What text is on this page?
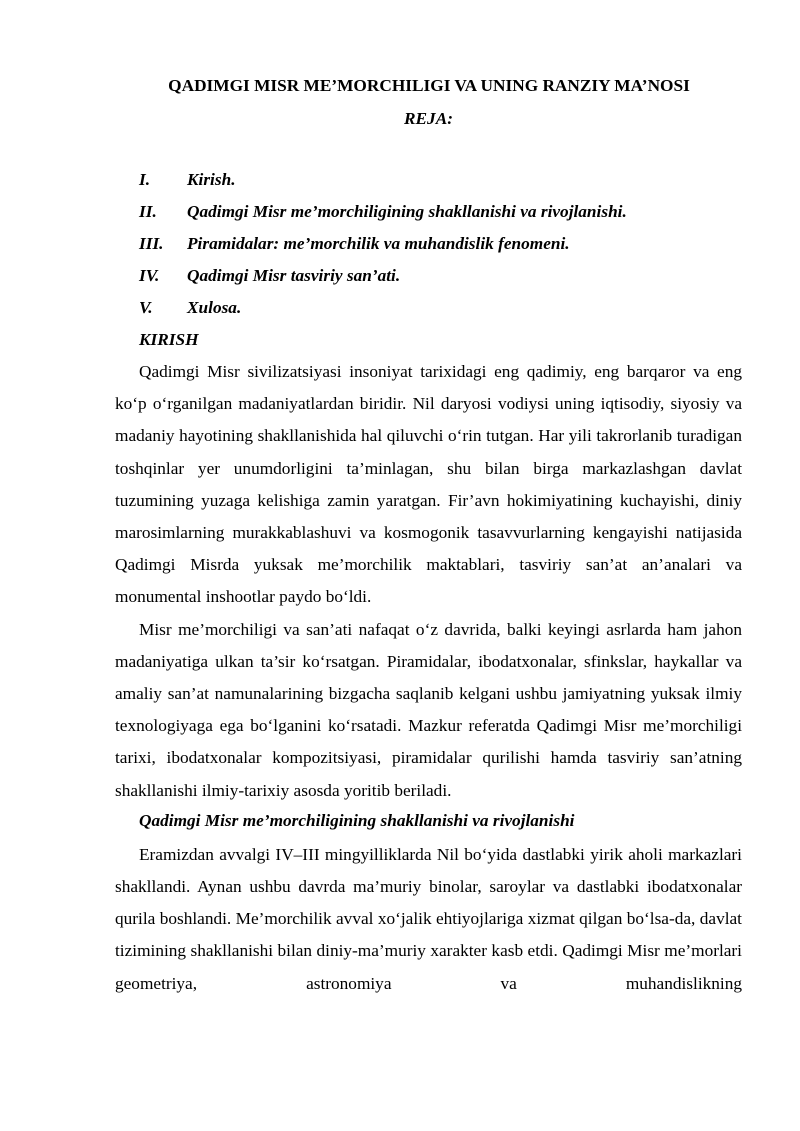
QADIMGI MISR ME’MORCHILIGI VA UNING RANZIY MA’NOSI

REJA:

I.	Kirish.
II.	Qadimgi Misr me’morchiligining shakllanishi va rivojlanishi.
III.	Piramidalar: me’morchilik va muhandislik fenomeni.
IV.	Qadimgi Misr tasviriy san’ati.
V.	Xulosa.

KIRISH

Qadimgi Misr sivilizatsiyasi insoniyat tarixidagi eng qadimiy, eng barqaror va eng ko‘p o‘rganilgan madaniyatlardan biridir. Nil daryosi vodiysi uning iqtisodiy, siyosiy va madaniy hayotining shakllanishida hal qiluvchi o‘rin tutgan. Har yili takrorlanib turadigan toshqinlar yer unumdorligini ta’minlagan, shu bilan birga markazlashgan davlat tuzumining yuzaga kelishiga zamin yaratgan. Fir’avn hokimiyatining kuchayishi, diniy marosimlarning murakkablashuvi va kosmogonik tasavvurlarning kengayishi natijasida Qadimgi Misrda yuksak me’morchilik maktablari, tasviriy san’at an’analari va monumental inshootlar paydo bo‘ldi.

Misr me’morchiligi va san’ati nafaqat o‘z davrida, balki keyingi asrlarda ham jahon madaniyatiga ulkan ta’sir ko‘rsatgan. Piramidalar, ibodatxonalar, sfinkslar, haykallar va amaliy san’at namunalarining bizgacha saqlanib kelgani ushbu jamiyatning yuksak ilmiy texnologiyaga ega bo‘lganini ko‘rsatadi. Mazkur referatda Qadimgi Misr me’morchiligi tarixi, ibodatxonalar kompozitsiyasi, piramidalar qurilishi hamda tasviriy san’atning shakllanishi ilmiy-tarixiy asosda yoritib beriladi.

Qadimgi Misr me’morchiligining shakllanishi va rivojlanishi

Eramizdan avvalgi IV–III mingyilliklarda Nil bo‘yida dastlabki yirik aholi markazlari shakllandi. Aynan ushbu davrda ma’muriy binolar, saroylar va dastlabki ibodatxonalar qurila boshlandi. Me’morchilik avval xo‘jalik ehtiyojlariga xizmat qilgan bo‘lsa-da, davlat tizimining shakllanishi bilan diniy-ma’muriy xarakter kasb etdi. Qadimgi Misr me’morlari geometriya, astronomiya va muhandislikning
